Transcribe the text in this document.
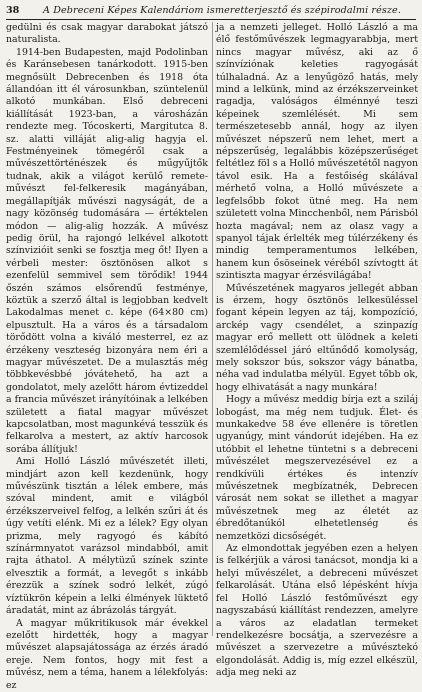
38	A Debreceni Képes Kalendáriom ismeretterjesztő és szépirodalmi része.

gedülni és csak magyar darabokat játszó naturalista.

1914-ben Budapesten, majd Podolinban és Karánsebesen tanárkodott. 1915-ben megnősült Debrecenben és 1918 óta állandóan itt él városunkban, szüntelenül alkotó munkában. Első debreceni kiállítását 1923-ban, a városházán rendezte meg. Tócoskerti, Margitutca 8. sz. alatti villáját alig-alig hagyja el. Festményeinek tömegéről csak a művészettörténészek és műgyűjtők tudnak, akik a világot kerülő remete-művészt fel-felkeresik magányában, megállapítják művészi nagyságát, de a nagy közönség tudomására — értéktelen módon — alig-alig hozzák. A művész pedig örül, ha rajongó lelkével alkotott színvizióit senki se fosztja meg őt! Ilyen a vérbeli mester: ösztönösen alkot s ezenfelül semmivel sem törődik! 1944 őszén számos elsőrendű festménye, köztük a szerző által is legjobban kedvelt Lakodalmas menet c. képe (64×80 cm) elpusztult. Ha a város és a társadalom törődött volna a kiváló mesterrel, ez az érzékeny veszteség bizonyára nem éri a magyar művészetet. De a mulasztás még többkevésbbé jóvátehető, ha azt a gondolatot, mely azelőtt három évtizeddel a francia művészet irányítóinak a lelkében született a fiatal magyar művészet kapcsolatban, most magunkévá tesszük és felkarolva a mestert, az aktív harcosok sorába állítjuk!

Ami Holló László művészetét illeti, mindjárt azon kell kezdenünk, hogy művészünk tisztán a lélek embere, más szóval mindent, amit e világból érzékszerveivel felfog, a lelkén szűri át és úgy vetíti elénk. Mi ez a lélek? Egy olyan prizma, mely ragyogó és kábító színármnyatot varázsol mindabból, amit rajta áthatol. A mélytüzű színek szinte elvesztik a formát, a levegőt s inkább érezzük a színek sodró lelkét, zúgó víztükrön képein a lelki élmények lüktető áradatát, mint az ábrázolás tárgyát.

A magyar műkritikusok már évekkel ezelőtt hirdették, hogy a magyar művészet alapsajátossága az érzés áradó ereje. Nem fontos, hogy mit fest a művész, nem a téma, hanem a lélekfolyás: ez

ja a nemzeti jelleget. Holló László a ma élő festőművészek legmagyarabbja, mert nincs magyar művész, aki az ő színvíziónak keleties ragyogását túlhaladná. Az a lenyűgöző hatás, mely mind a lelkünk, mind az érzékszerveinket ragadja, valóságos élménnyé teszi képeinek szemlélését. Mi sem természetesebb annál, hogy az ilyen művészet népszerű nem lehet, mert a népszerűség, legalábbis középszerűséget feltétlez föl s a Holló művészetétől nagyon távol esik. Ha a festőiség skálával mérhető volna, a Holló művészete a legfelsőbb fokot ütné meg. Ha nem született volna Mincchenből, nem Párisból hozta magával; nem az olasz vagy a spanyol tájak érlelték meg túlérzékeny és mindig temperamentumos lelkében, hanem kun ősöseinek véréből szívtogtt át szintiszta magyar érzésvilágába!

Művészetének magyaros jellegét abban is érzem, hogy ösztönös lelkesüléssel fogant képein legyen az táj, kompozíció, arckép vagy csendélet, a szinpazíg magyar erő mellett ott ülödnek a keleti szemlélődéssel járó eltűnődő komolyság, mely sokszor bús, sokszor vágy bánatba, néha vad indulatba mélyül. Egyet tőbb ok, hogy elhivatását a nagy munkára!

Hogy a művész meddig bírja ezt a sziláj lobogást, ma még nem tudjuk. Élet- és munkakedve 58 éve ellenére is töretlen ugyanúgy, mint vándorút idejében. Ha ez utóbbit el lehetne tüntetni s a debreceni művészélet megszervezésével ez a rendkívüli értékes és intenzív művészetnek megbízatnék, Debrecen városát nem sokat se illethet a magyar művészetnek meg az életét az ébredőtanúkól elhetetlenség és nemzetközi dicsőségét.

Az elmondottak jegyében ezen a helyen is felkérjük a városi tanácsot, mondja ki a helyi művészélet, a debreceni művészet felkarolását. Utána első lépésként hívja fel Holló László festőművészt egy nagyszabású kiállítást rendezzen, amelyre a város az eladatlan termeket rendelkezésre bocsátja, a szervezésre a művészet a szervezetre a művésztekó elgondolását. Addig is, míg ezzel elkészül, adja meg neki az
